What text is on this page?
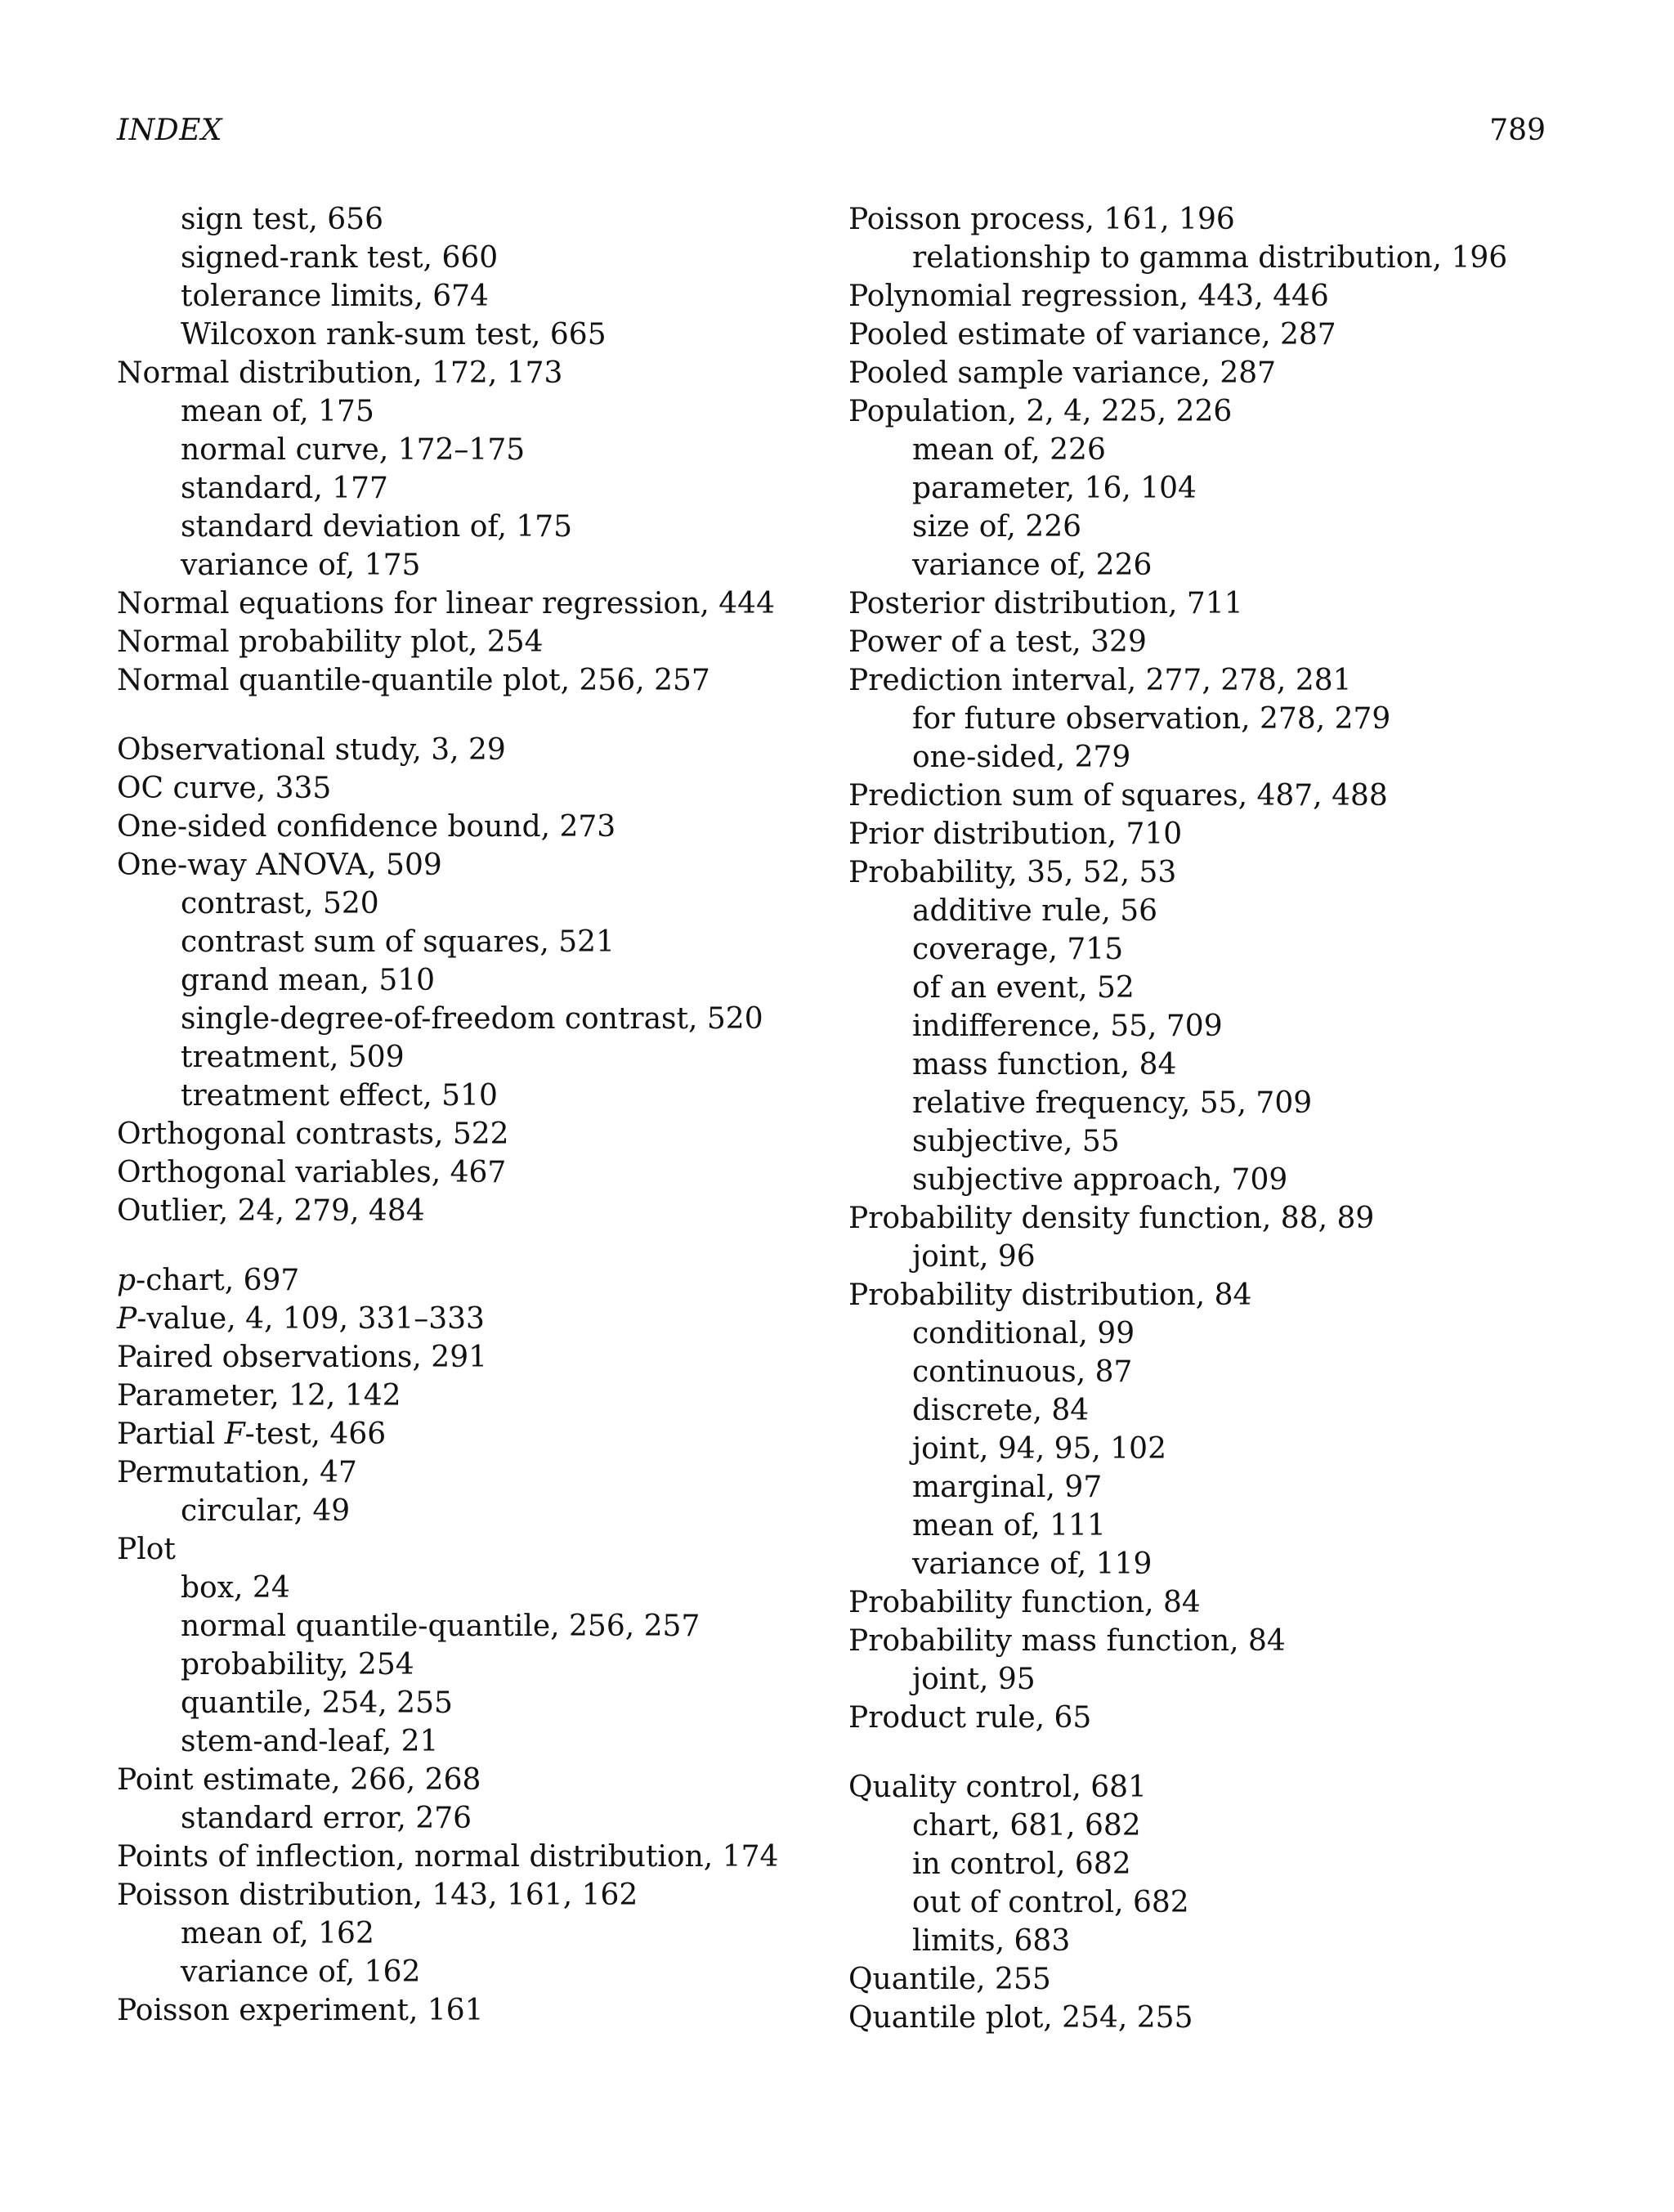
INDEX	789
sign test, 656
signed-rank test, 660
tolerance limits, 674
Wilcoxon rank-sum test, 665
Normal distribution, 172, 173
mean of, 175
normal curve, 172–175
standard, 177
standard deviation of, 175
variance of, 175
Normal equations for linear regression, 444
Normal probability plot, 254
Normal quantile-quantile plot, 256, 257
Observational study, 3, 29
OC curve, 335
One-sided confidence bound, 273
One-way ANOVA, 509
contrast, 520
contrast sum of squares, 521
grand mean, 510
single-degree-of-freedom contrast, 520
treatment, 509
treatment effect, 510
Orthogonal contrasts, 522
Orthogonal variables, 467
Outlier, 24, 279, 484
p-chart, 697
P-value, 4, 109, 331–333
Paired observations, 291
Parameter, 12, 142
Partial F-test, 466
Permutation, 47
circular, 49
Plot
box, 24
normal quantile-quantile, 256, 257
probability, 254
quantile, 254, 255
stem-and-leaf, 21
Point estimate, 266, 268
standard error, 276
Points of inflection, normal distribution, 174
Poisson distribution, 143, 161, 162
mean of, 162
variance of, 162
Poisson experiment, 161
Poisson process, 161, 196
relationship to gamma distribution, 196
Polynomial regression, 443, 446
Pooled estimate of variance, 287
Pooled sample variance, 287
Population, 2, 4, 225, 226
mean of, 226
parameter, 16, 104
size of, 226
variance of, 226
Posterior distribution, 711
Power of a test, 329
Prediction interval, 277, 278, 281
for future observation, 278, 279
one-sided, 279
Prediction sum of squares, 487, 488
Prior distribution, 710
Probability, 35, 52, 53
additive rule, 56
coverage, 715
of an event, 52
indifference, 55, 709
mass function, 84
relative frequency, 55, 709
subjective, 55
subjective approach, 709
Probability density function, 88, 89
joint, 96
Probability distribution, 84
conditional, 99
continuous, 87
discrete, 84
joint, 94, 95, 102
marginal, 97
mean of, 111
variance of, 119
Probability function, 84
Probability mass function, 84
joint, 95
Product rule, 65
Quality control, 681
chart, 681, 682
in control, 682
out of control, 682
limits, 683
Quantile, 255
Quantile plot, 254, 255
